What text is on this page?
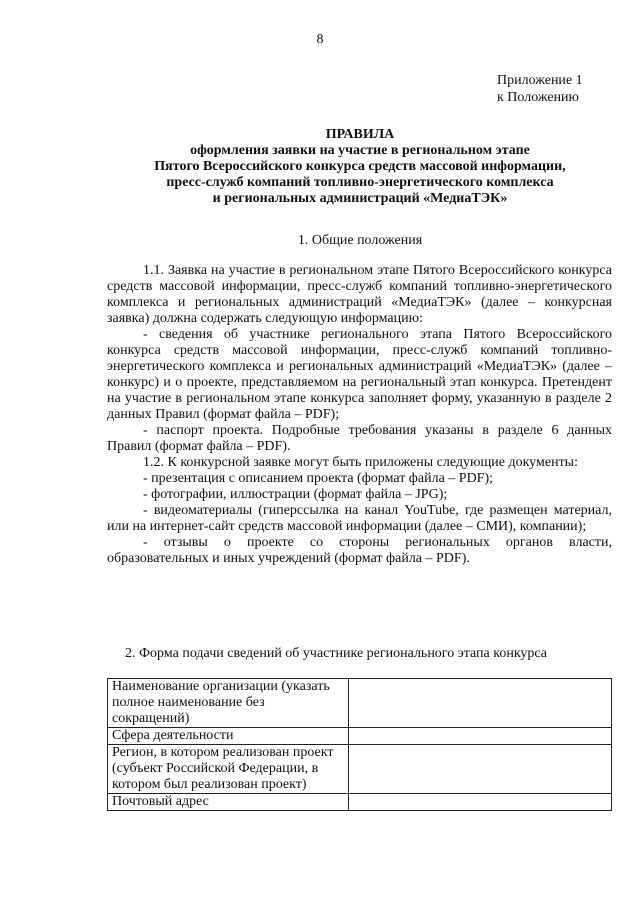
8
Приложение 1
к Положению
ПРАВИЛА
оформления заявки на участие в региональном этапе
Пятого Всероссийского конкурса средств массовой информации,
пресс-служб компаний топливно-энергетического комплекса
и региональных администраций «МедиаТЭК»
1. Общие положения

1.1. Заявка на участие в региональном этапе Пятого Всероссийского конкурса средств массовой информации, пресс-служб компаний топливно-энергетического комплекса и региональных администраций «МедиаТЭК» (далее – конкурсная заявка) должна содержать следующую информацию:

- сведения об участнике регионального этапа Пятого Всероссийского конкурса средств массовой информации, пресс-служб компаний топливно-энергетического комплекса и региональных администраций «МедиаТЭК» (далее – конкурс) и о проекте, представляемом на региональный этап конкурса. Претендент на участие в региональном этапе конкурса заполняет форму, указанную в разделе 2 данных Правил (формат файла – PDF);

- паспорт проекта. Подробные требования указаны в разделе 6 данных Правил (формат файла – PDF).

1.2. К конкурсной заявке могут быть приложены следующие документы:

- презентация с описанием проекта (формат файла – PDF);

- фотографии, иллюстрации (формат файла – JPG);

- видеоматериалы (гиперссылка на канал YouTube, где размещен материал, или на интернет-сайт средств массовой информации (далее – СМИ), компании);

- отзывы о проекте со стороны региональных органов власти, образовательных и иных учреждений (формат файла – PDF).

2. Форма подачи сведений об участнике регионального этапа конкурса
Наименование организации (указать полное наименование без сокращений)	
Сфера деятельности	
Регион, в котором реализован проект (субъект Российской Федерации, в котором был реализован проект)	
Почтовый адрес	
